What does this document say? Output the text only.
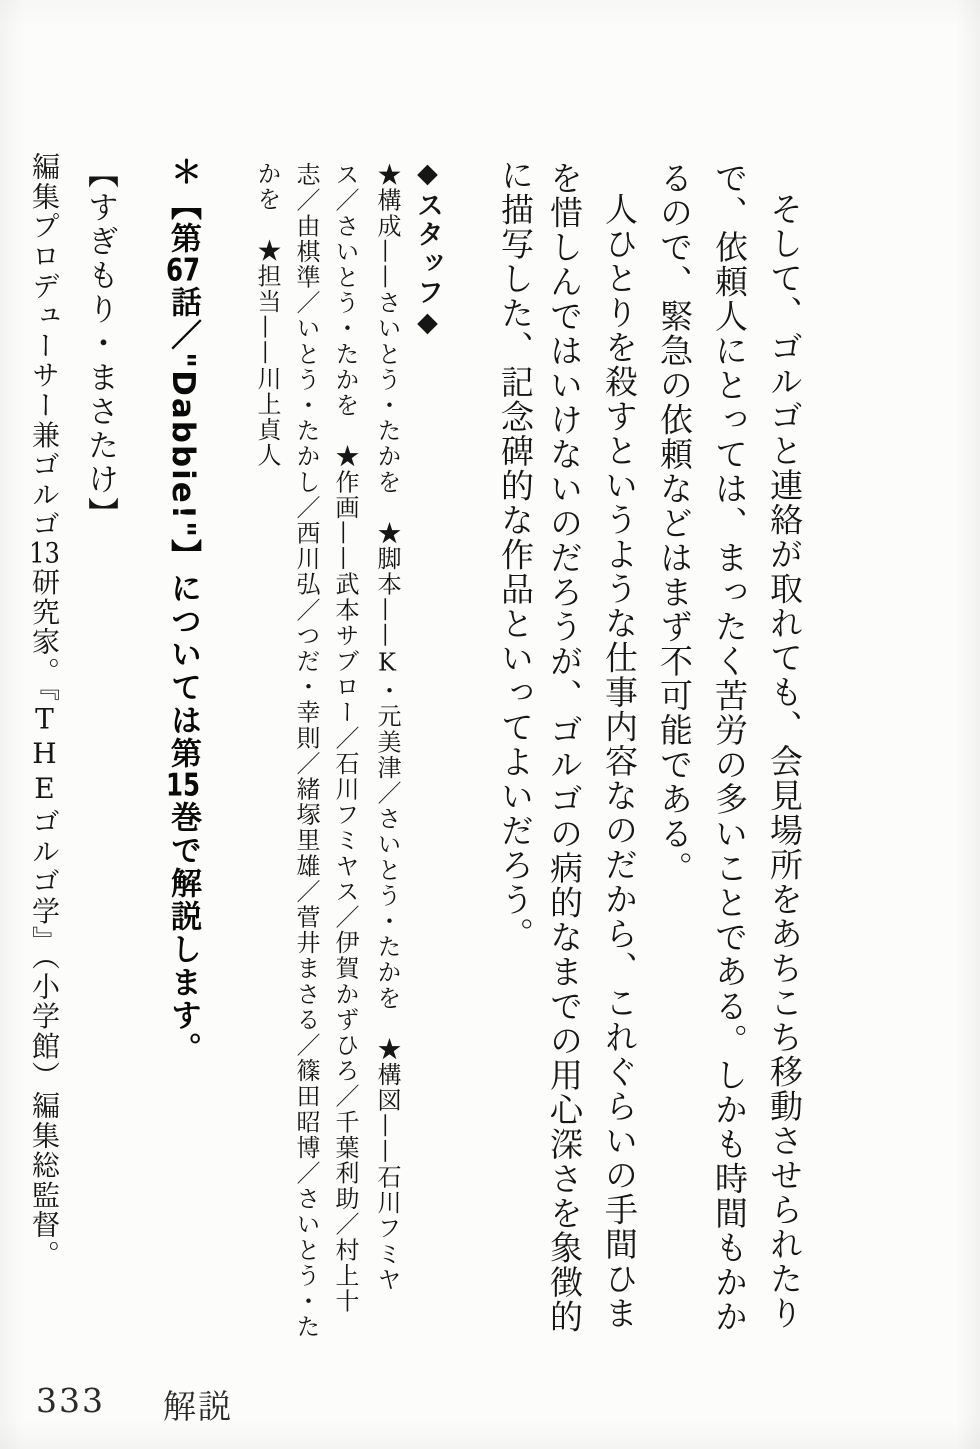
そして、ゴルゴと連絡が取れても、会見場所をあちこち移動させられたり
で、依頼人にとっては、まったく苦労の多いことである。しかも時間もかか
るので、緊急の依頼などはまず不可能である。
人ひとりを殺すというような仕事内容なのだから、これぐらいの手間ひま
を惜しんではいけないのだろうが、ゴルゴの病的なまでの用心深さを象徴的
に描写した、記念碑的な作品といってよいだろう。
◆スタッフ◆
★構成——さいとう・たかを　★脚本——K・元美津／さいとう・たかを　★構図——石川フミヤ
ス／さいとう・たかを　★作画——武本サブロー／石川フミヤス／伊賀かずひろ／千葉利助／村上十
志／由棋準／いとう・たかし／西川弘／つだ・幸則／緒塚里雄／菅井まさる／篠田昭博／さいとう・た
かを　★担当——川上貞人
＊【第67話／"Dabbie!"】については第15巻で解説します。
【すぎもり・まさたけ】
編集プロデューサー兼ゴルゴ13研究家。『THEゴルゴ学』（小学館）編集総監督。
333 解説
